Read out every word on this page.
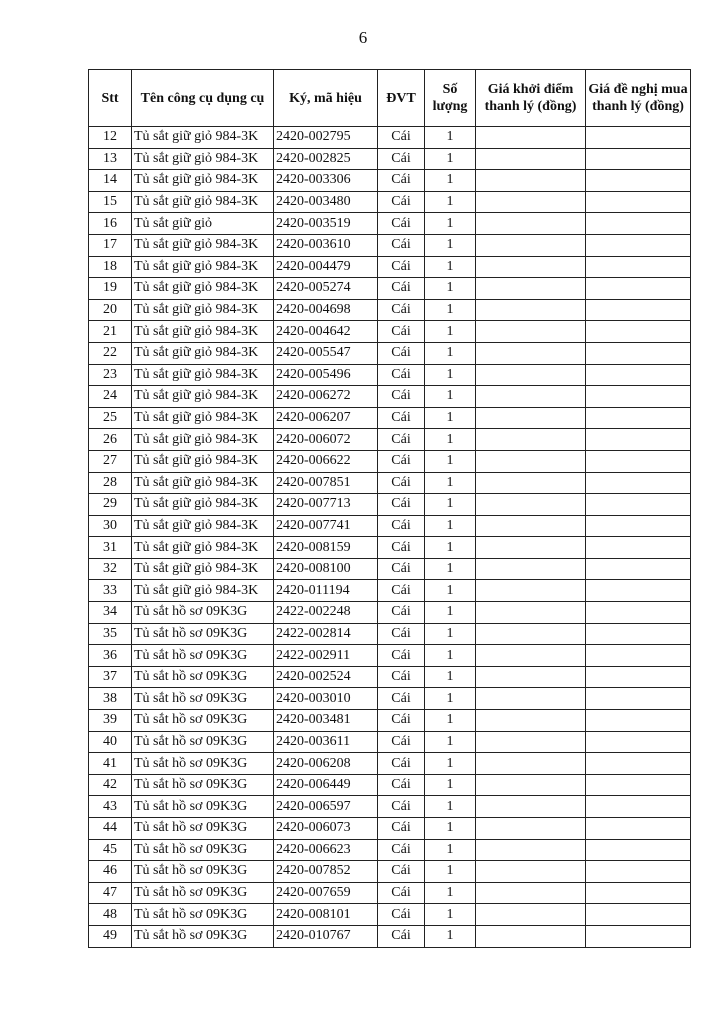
6
Stt	Tên công cụ dụng cụ	Ký, mã hiệu	ĐVT	Số lượng	Giá khởi điểm thanh lý (đồng)	Giá đề nghị mua thanh lý (đồng)
12	Tủ sắt giữ giỏ 984-3K	2420-002795	Cái	1		
13	Tủ sắt giữ giỏ 984-3K	2420-002825	Cái	1		
14	Tủ sắt giữ giỏ 984-3K	2420-003306	Cái	1		
15	Tủ sắt giữ giỏ 984-3K	2420-003480	Cái	1		
16	Tủ sắt giữ giỏ	2420-003519	Cái	1		
17	Tủ sắt giữ giỏ 984-3K	2420-003610	Cái	1		
18	Tủ sắt giữ giỏ 984-3K	2420-004479	Cái	1		
19	Tủ sắt giữ giỏ 984-3K	2420-005274	Cái	1		
20	Tủ sắt giữ giỏ 984-3K	2420-004698	Cái	1		
21	Tủ sắt giữ giỏ 984-3K	2420-004642	Cái	1		
22	Tủ sắt giữ giỏ 984-3K	2420-005547	Cái	1		
23	Tủ sắt giữ giỏ 984-3K	2420-005496	Cái	1		
24	Tủ sắt giữ giỏ 984-3K	2420-006272	Cái	1		
25	Tủ sắt giữ giỏ 984-3K	2420-006207	Cái	1		
26	Tủ sắt giữ giỏ 984-3K	2420-006072	Cái	1		
27	Tủ sắt giữ giỏ 984-3K	2420-006622	Cái	1		
28	Tủ sắt giữ giỏ 984-3K	2420-007851	Cái	1		
29	Tủ sắt giữ giỏ 984-3K	2420-007713	Cái	1		
30	Tủ sắt giữ giỏ 984-3K	2420-007741	Cái	1		
31	Tủ sắt giữ giỏ 984-3K	2420-008159	Cái	1		
32	Tủ sắt giữ giỏ 984-3K	2420-008100	Cái	1		
33	Tủ sắt giữ giỏ 984-3K	2420-011194	Cái	1		
34	Tủ sắt hồ sơ 09K3G	2422-002248	Cái	1		
35	Tủ sắt hồ sơ 09K3G	2422-002814	Cái	1		
36	Tủ sắt hồ sơ 09K3G	2422-002911	Cái	1		
37	Tủ sắt hồ sơ 09K3G	2420-002524	Cái	1		
38	Tủ sắt hồ sơ 09K3G	2420-003010	Cái	1		
39	Tủ sắt hồ sơ 09K3G	2420-003481	Cái	1		
40	Tủ sắt hồ sơ 09K3G	2420-003611	Cái	1		
41	Tủ sắt hồ sơ 09K3G	2420-006208	Cái	1		
42	Tủ sắt hồ sơ 09K3G	2420-006449	Cái	1		
43	Tủ sắt hồ sơ 09K3G	2420-006597	Cái	1		
44	Tủ sắt hồ sơ 09K3G	2420-006073	Cái	1		
45	Tủ sắt hồ sơ 09K3G	2420-006623	Cái	1		
46	Tủ sắt hồ sơ 09K3G	2420-007852	Cái	1		
47	Tủ sắt hồ sơ 09K3G	2420-007659	Cái	1		
48	Tủ sắt hồ sơ 09K3G	2420-008101	Cái	1		
49	Tủ sắt hồ sơ 09K3G	2420-010767	Cái	1		
